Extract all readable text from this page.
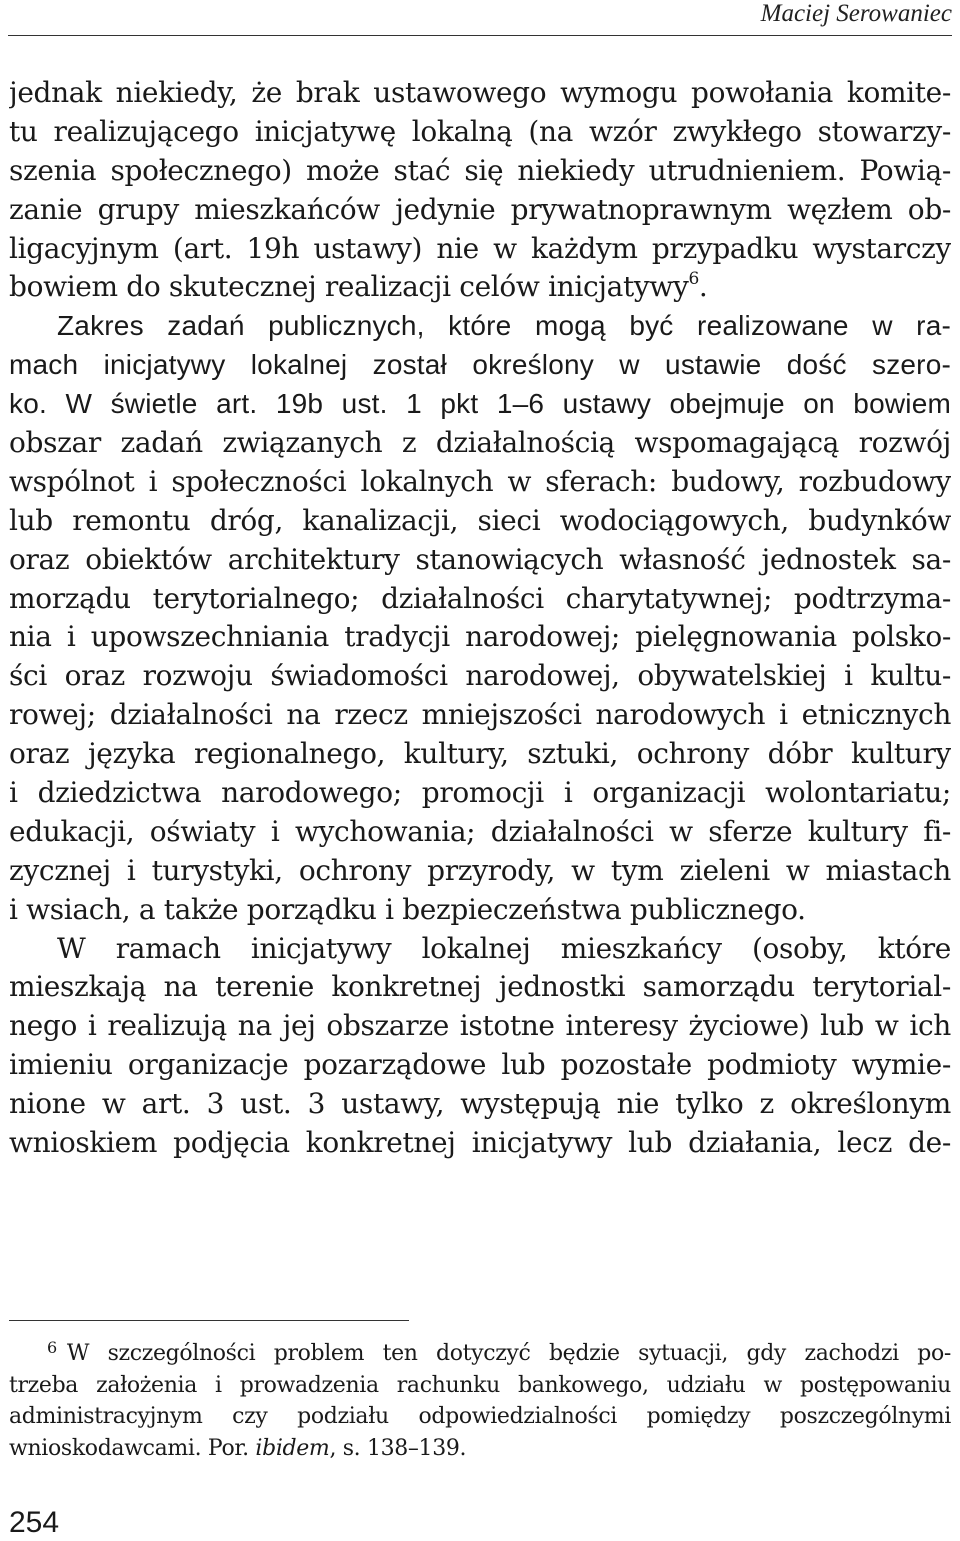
Maciej Serowaniec
jednak niekiedy, że brak ustawowego wymogu powołania komite-
tu realizującego inicjatywę lokalną (na wzór zwykłego stowarzy-
szenia społecznego) może stać się niekiedy utrudnieniem. Powią-
zanie grupy mieszkańców jedynie prywatnoprawnym węzłem ob-
ligacyjnym (art. 19h ustawy) nie w każdym przypadku wystarczy
bowiem do skutecznej realizacji celów inicjatywy$^6$.
Zakres zadań publicznych, które mogą być realizowane w ra-
mach inicjatywy lokalnej został określony w ustawie dość szero-
ko. W świetle art. 19b ust. 1 pkt 1–6 ustawy obejmuje on bowiem
obszar zadań związanych z działalnością wspomagającą rozwój
wspólnot i społeczności lokalnych w sferach: budowy, rozbudowy
lub remontu dróg, kanalizacji, sieci wodociągowych, budynków
oraz obiektów architektury stanowiących własność jednostek sa-
morządu terytorialnego; działalności charytatywnej; podtrzyma-
nia i upowszechniania tradycji narodowej; pielęgnowania polsko-
ści oraz rozwoju świadomości narodowej, obywatelskiej i kultu-
rowej; działalności na rzecz mniejszości narodowych i etnicznych
oraz języka regionalnego, kultury, sztuki, ochrony dóbr kultury
i dziedzictwa narodowego; promocji i organizacji wolontariatu;
edukacji, oświaty i wychowania; działalności w sferze kultury fi-
zycznej i turystyki, ochrony przyrody, w tym zieleni w miastach
i wsiach, a także porządku i bezpieczeństwa publicznego.
W ramach inicjatywy lokalnej mieszkańcy (osoby, które
mieszkają na terenie konkretnej jednostki samorządu terytorial-
nego i realizują na jej obszarze istotne interesy życiowe) lub w ich
imieniu organizacje pozarządowe lub pozostałe podmioty wymie-
nione w art. 3 ust. 3 ustawy, występują nie tylko z określonym
wnioskiem podjęcia konkretnej inicjatywy lub działania, lecz de-
$^6$ W szczególności problem ten dotyczyć będzie sytuacji, gdy zachodzi po-
trzeba założenia i prowadzenia rachunku bankowego, udziału w postępowaniu
administracyjnym czy podziału odpowiedzialności pomiędzy poszczególnymi
wnioskodawcami. Por. ibidem, s. 138–139.
254
